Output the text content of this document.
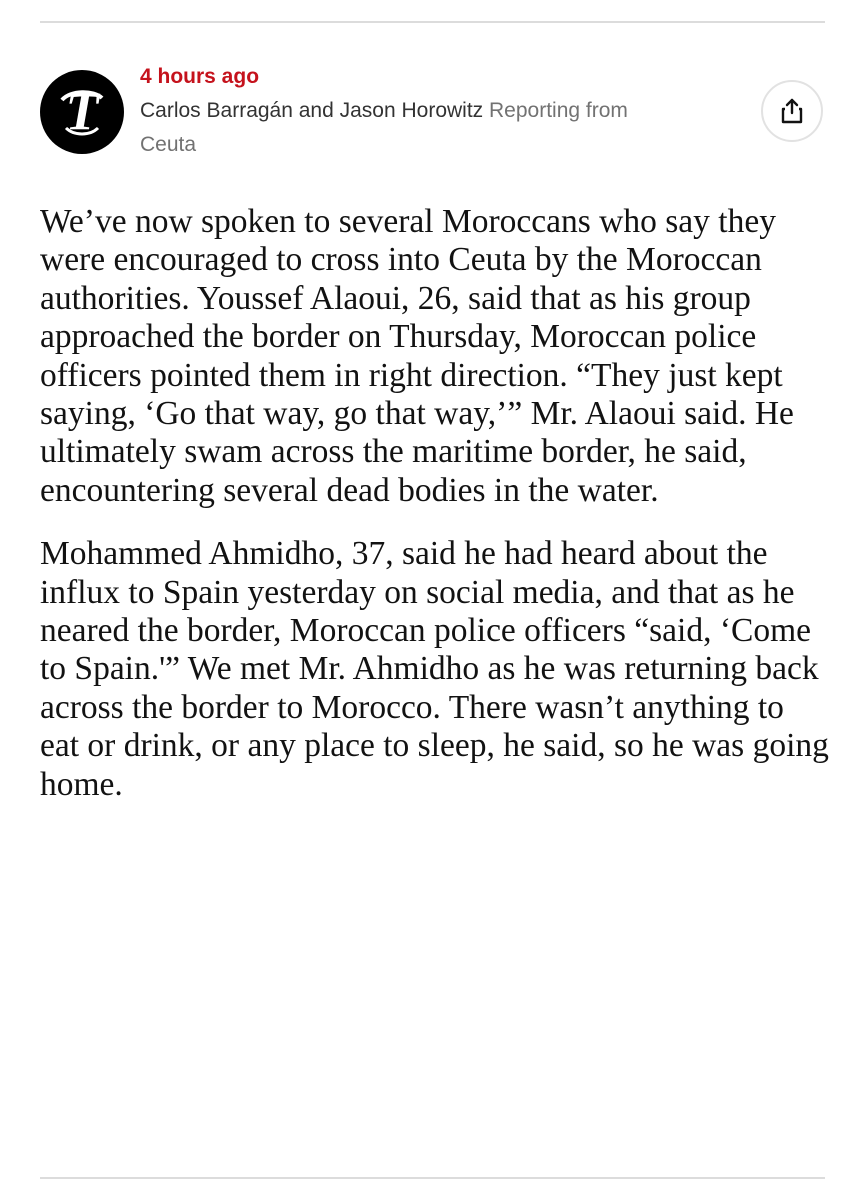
T
4 hours ago
Carlos Barragán and Jason Horowitz Reporting from
Ceuta

We’ve now spoken to several Moroccans who say they were encouraged to cross into Ceuta by the Moroccan authorities. Youssef Alaoui, 26, said that as his group approached the border on Thursday, Moroccan police officers pointed them in right direction. “They just kept saying, ‘Go that way, go that way,’” Mr. Alaoui said. He ultimately swam across the maritime border, he said, encountering several dead bodies in the water.

Mohammed Ahmidho, 37, said he had heard about the influx to Spain yesterday on social media, and that as he neared the border, Moroccan police officers “said, ‘Come to Spain.'” We met Mr. Ahmidho as he was returning back across the border to Morocco. There wasn’t anything to eat or drink, or any place to sleep, he said, so he was going home.
